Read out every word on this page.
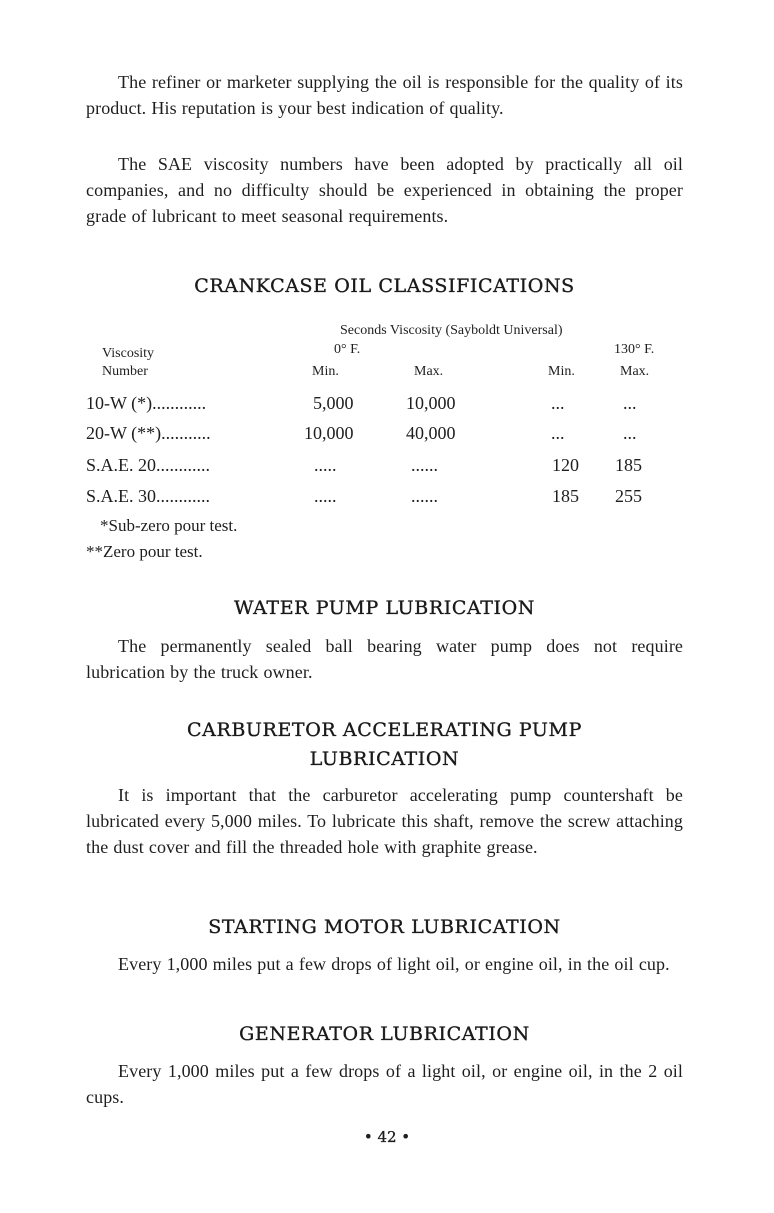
The refiner or marketer supplying the oil is responsible for the quality of its product. His reputation is your best indication of quality.

The SAE viscosity numbers have been adopted by practically all oil companies, and no difficulty should be experienced in obtaining the proper grade of lubricant to meet seasonal requirements.

CRANKCASE OIL CLASSIFICATIONS
Seconds Viscosity (Sayboldt Universal)
Viscosity
Number
0° F.	130° F.
Min.	Max.	Min.	Max.
10-W (*)............	5,000	10,000	...	...
20-W (**)...........	10,000	40,000	...	...
S.A.E. 20............	.....	......	120 185
S.A.E. 30............	.....	......	185 255
*Sub-zero pour test.
**Zero pour test.
WATER PUMP LUBRICATION

The permanently sealed ball bearing water pump does not require lubrication by the truck owner.

CARBURETOR ACCELERATING PUMP
LUBRICATION

It is important that the carburetor accelerating pump countershaft be lubricated every 5,000 miles. To lubricate this shaft, remove the screw attaching the dust cover and fill the threaded hole with graphite grease.

STARTING MOTOR LUBRICATION

Every 1,000 miles put a few drops of light oil, or engine oil, in the oil cup.

GENERATOR LUBRICATION

Every 1,000 miles put a few drops of a light oil, or engine oil, in the 2 oil cups.

• 42 •
